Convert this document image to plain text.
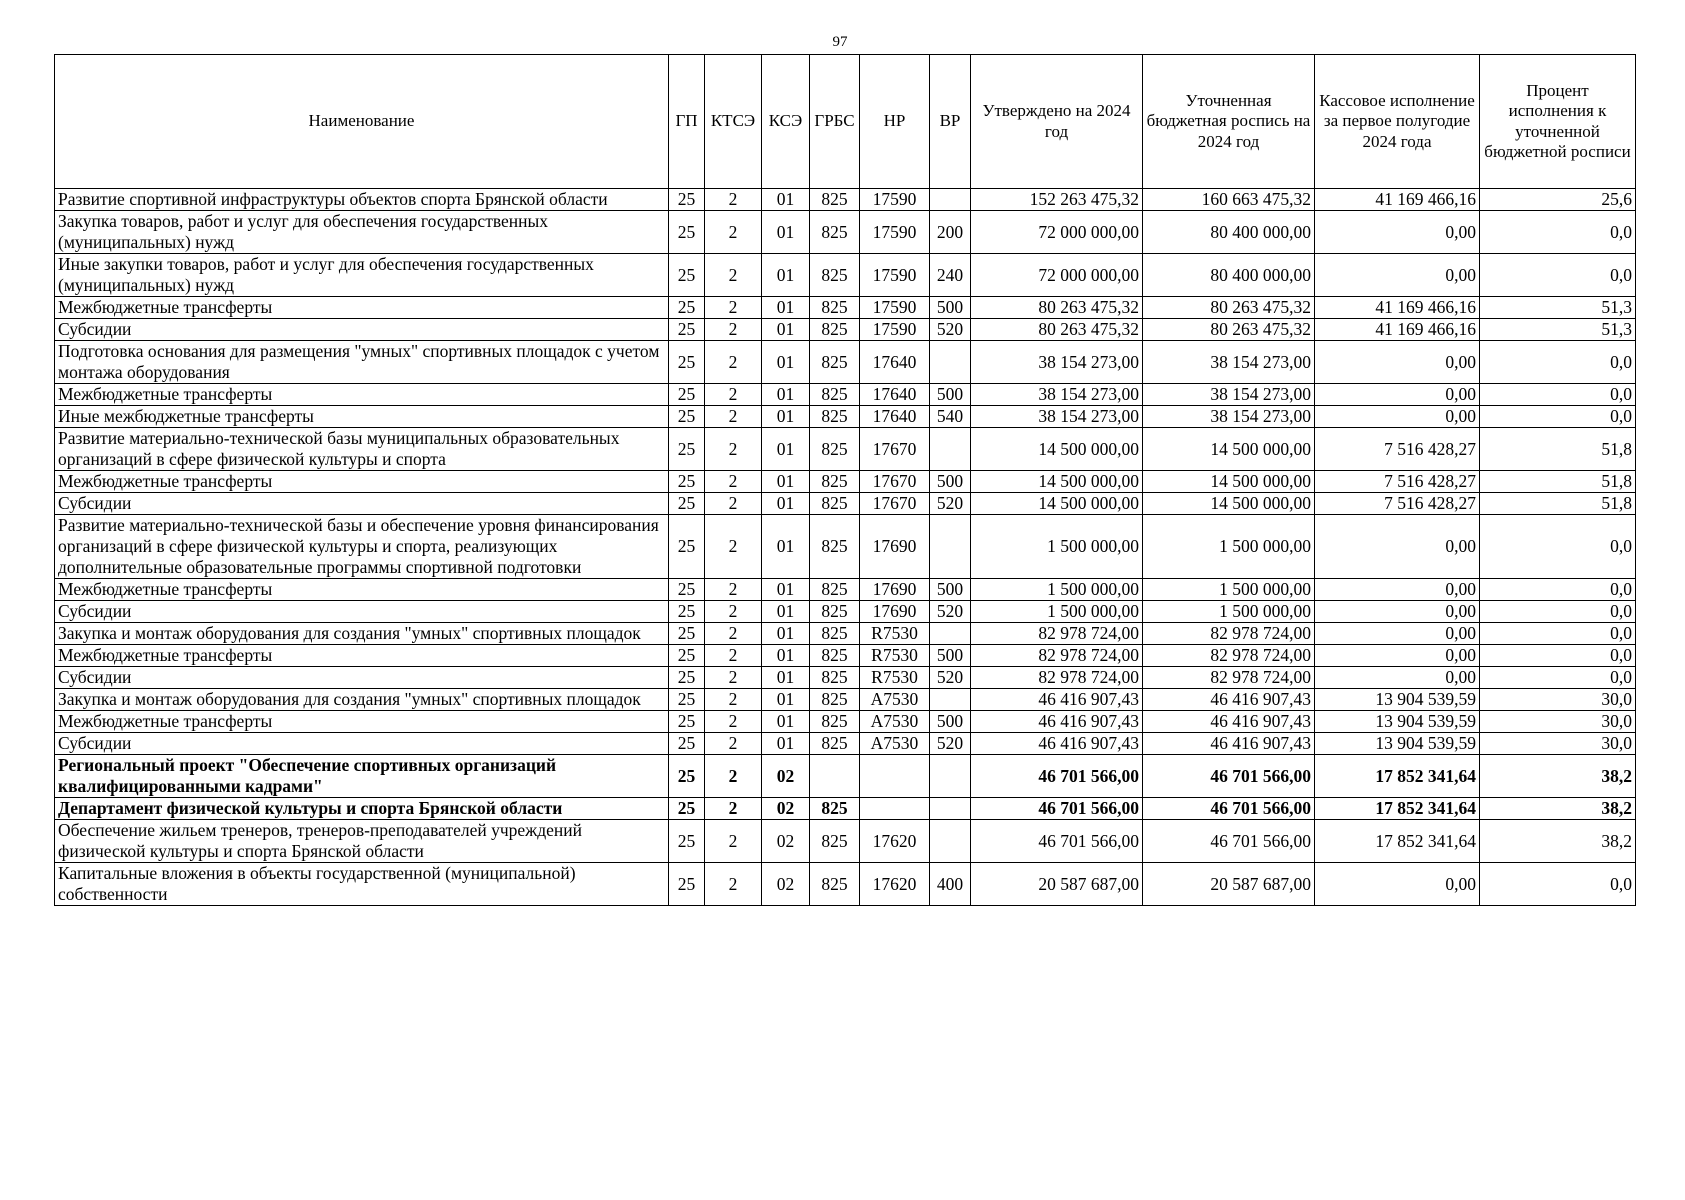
97
Наименование	ГП	КТСЭ	КСЭ	ГРБС	НР	ВР	Утверждено на 2024 год	Уточненная бюджетная роспись на 2024 год	Кассовое исполнение за первое полугодие 2024 года	Процент исполнения к уточненной бюджетной росписи
Развитие спортивной инфраструктуры объектов спорта Брянской области	25	2	01	825	17590		152 263 475,32	160 663 475,32	41 169 466,16	25,6
Закупка товаров, работ и услуг для обеспечения государственных (муниципальных) нужд	25	2	01	825	17590	200	72 000 000,00	80 400 000,00	0,00	0,0
Иные закупки товаров, работ и услуг для обеспечения государственных (муниципальных) нужд	25	2	01	825	17590	240	72 000 000,00	80 400 000,00	0,00	0,0
Межбюджетные трансферты	25	2	01	825	17590	500	80 263 475,32	80 263 475,32	41 169 466,16	51,3
Субсидии	25	2	01	825	17590	520	80 263 475,32	80 263 475,32	41 169 466,16	51,3
Подготовка основания для размещения "умных" спортивных площадок с учетом монтажа оборудования	25	2	01	825	17640		38 154 273,00	38 154 273,00	0,00	0,0
Межбюджетные трансферты	25	2	01	825	17640	500	38 154 273,00	38 154 273,00	0,00	0,0
Иные межбюджетные трансферты	25	2	01	825	17640	540	38 154 273,00	38 154 273,00	0,00	0,0
Развитие материально-технической базы муниципальных образовательных организаций в сфере физической культуры и спорта	25	2	01	825	17670		14 500 000,00	14 500 000,00	7 516 428,27	51,8
Межбюджетные трансферты	25	2	01	825	17670	500	14 500 000,00	14 500 000,00	7 516 428,27	51,8
Субсидии	25	2	01	825	17670	520	14 500 000,00	14 500 000,00	7 516 428,27	51,8
Развитие материально-технической базы и обеспечение уровня финансирования организаций в сфере физической культуры и спорта, реализующих дополнительные образовательные программы спортивной подготовки	25	2	01	825	17690		1 500 000,00	1 500 000,00	0,00	0,0
Межбюджетные трансферты	25	2	01	825	17690	500	1 500 000,00	1 500 000,00	0,00	0,0
Субсидии	25	2	01	825	17690	520	1 500 000,00	1 500 000,00	0,00	0,0
Закупка и монтаж оборудования для создания "умных" спортивных площадок	25	2	01	825	R7530		82 978 724,00	82 978 724,00	0,00	0,0
Межбюджетные трансферты	25	2	01	825	R7530	500	82 978 724,00	82 978 724,00	0,00	0,0
Субсидии	25	2	01	825	R7530	520	82 978 724,00	82 978 724,00	0,00	0,0
Закупка и монтаж оборудования для создания "умных" спортивных площадок	25	2	01	825	А7530		46 416 907,43	46 416 907,43	13 904 539,59	30,0
Межбюджетные трансферты	25	2	01	825	А7530	500	46 416 907,43	46 416 907,43	13 904 539,59	30,0
Субсидии	25	2	01	825	А7530	520	46 416 907,43	46 416 907,43	13 904 539,59	30,0
Региональный проект "Обеспечение спортивных организаций квалифицированными кадрами"	25	2	02				46 701 566,00	46 701 566,00	17 852 341,64	38,2
Департамент физической культуры и спорта Брянской области	25	2	02	825			46 701 566,00	46 701 566,00	17 852 341,64	38,2
Обеспечение жильем тренеров, тренеров-преподавателей учреждений физической культуры и спорта Брянской области	25	2	02	825	17620		46 701 566,00	46 701 566,00	17 852 341,64	38,2
Капитальные вложения в объекты государственной (муниципальной) собственности	25	2	02	825	17620	400	20 587 687,00	20 587 687,00	0,00	0,0
